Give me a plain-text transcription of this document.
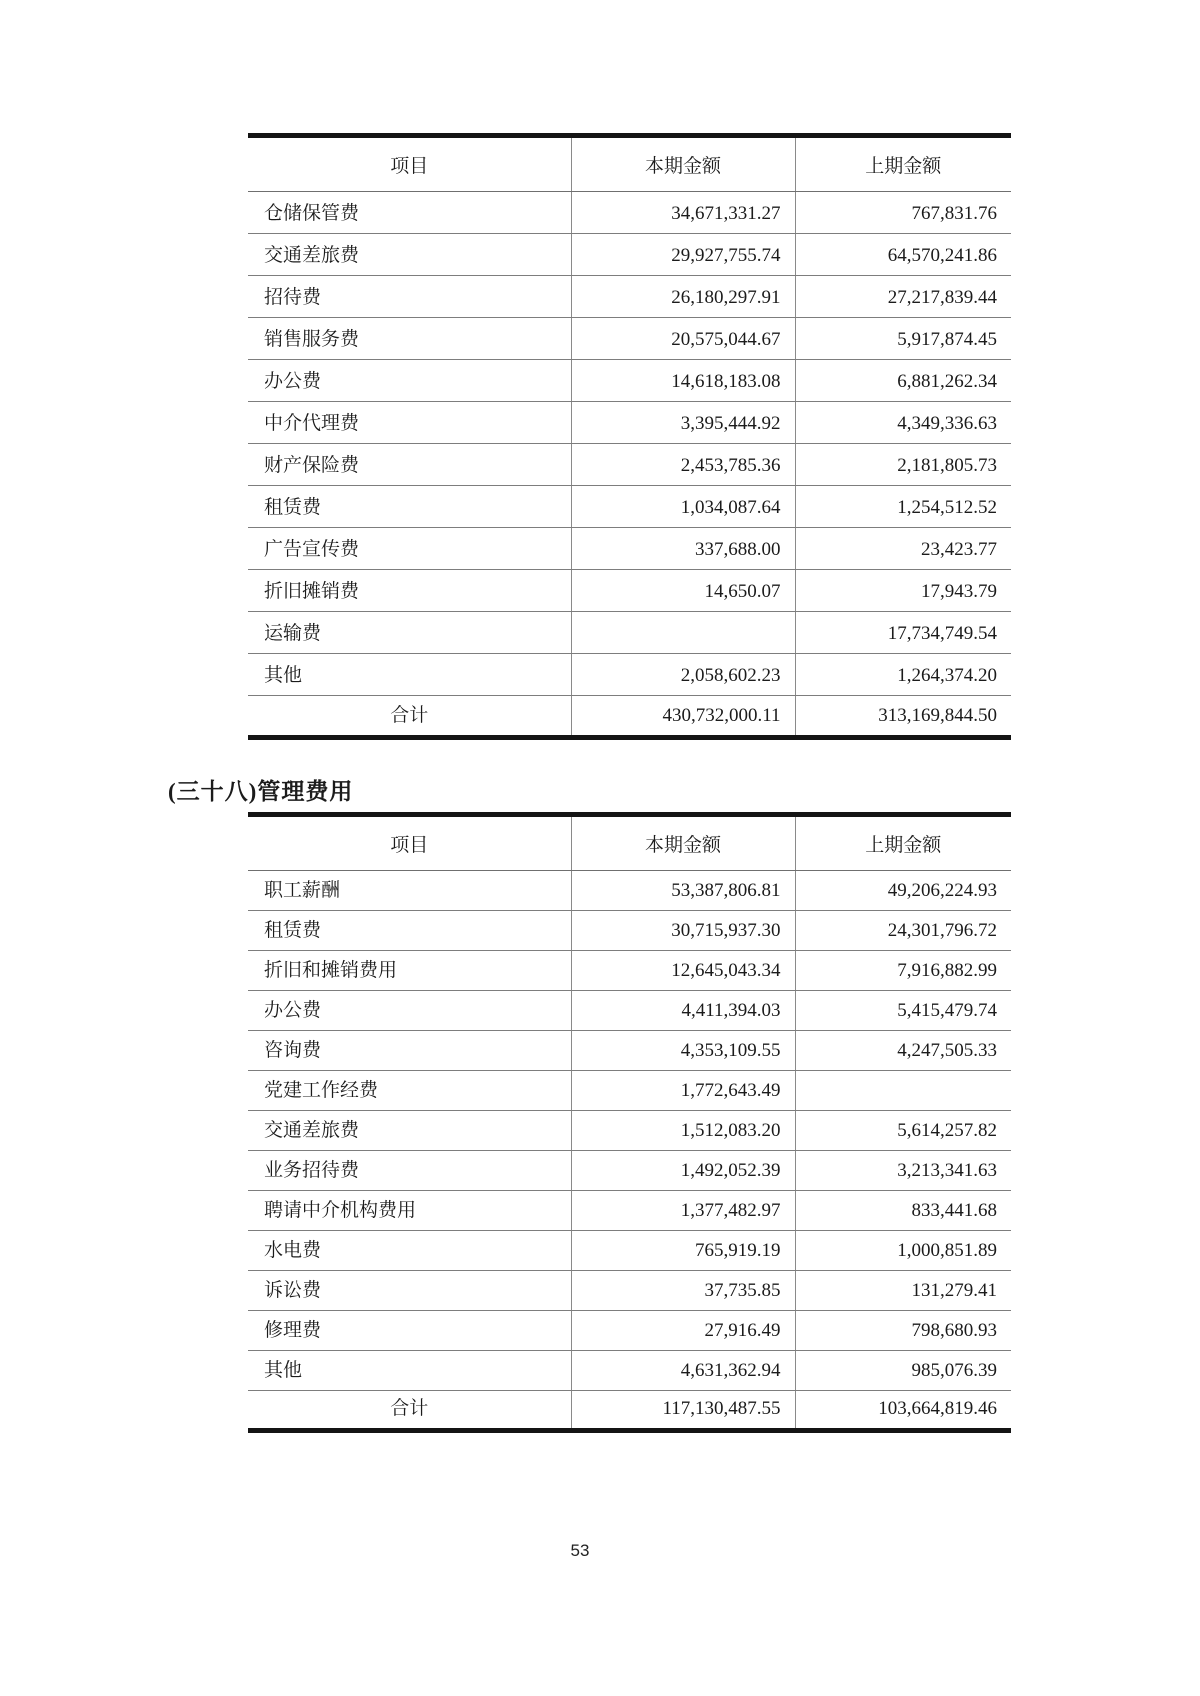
项目	本期金额	上期金额
仓储保管费	34,671,331.27	767,831.76
交通差旅费	29,927,755.74	64,570,241.86
招待费	26,180,297.91	27,217,839.44
销售服务费	20,575,044.67	5,917,874.45
办公费	14,618,183.08	6,881,262.34
中介代理费	3,395,444.92	4,349,336.63
财产保险费	2,453,785.36	2,181,805.73
租赁费	1,034,087.64	1,254,512.52
广告宣传费	337,688.00	23,423.77
折旧摊销费	14,650.07	17,943.79
运输费		17,734,749.54
其他	2,058,602.23	1,264,374.20
合计	430,732,000.11	313,169,844.50
(三十八)管理费用
项目	本期金额	上期金额
职工薪酬	53,387,806.81	49,206,224.93
租赁费	30,715,937.30	24,301,796.72
折旧和摊销费用	12,645,043.34	7,916,882.99
办公费	4,411,394.03	5,415,479.74
咨询费	4,353,109.55	4,247,505.33
党建工作经费	1,772,643.49	
交通差旅费	1,512,083.20	5,614,257.82
业务招待费	1,492,052.39	3,213,341.63
聘请中介机构费用	1,377,482.97	833,441.68
水电费	765,919.19	1,000,851.89
诉讼费	37,735.85	131,279.41
修理费	27,916.49	798,680.93
其他	4,631,362.94	985,076.39
合计	117,130,487.55	103,664,819.46
53
